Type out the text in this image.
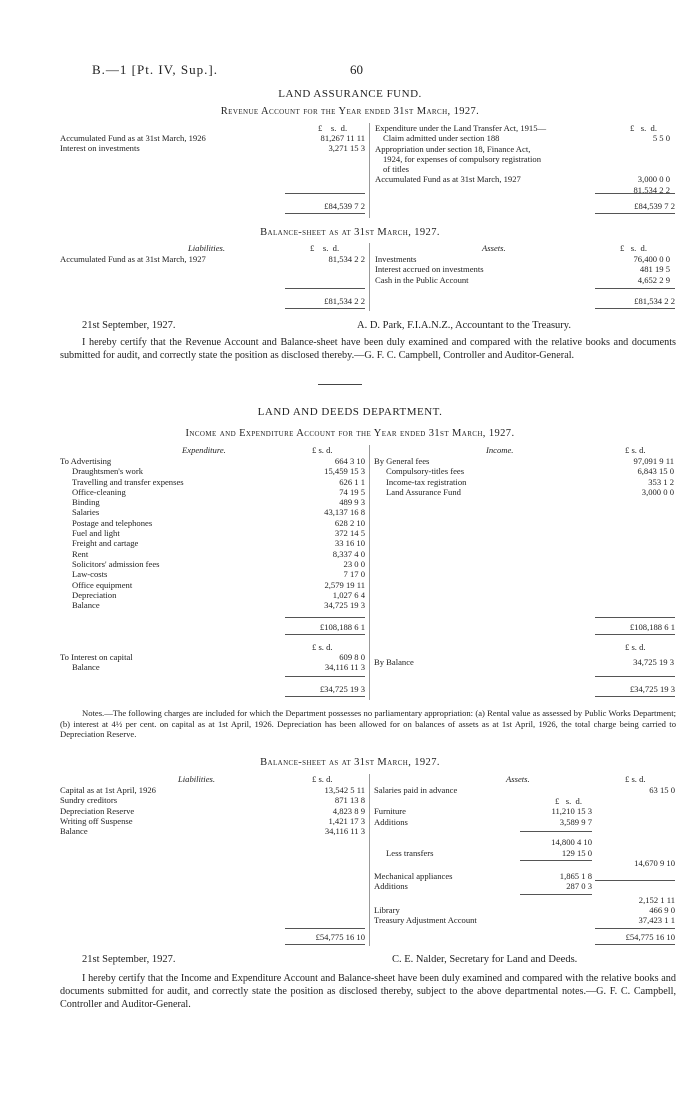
B.—1 [Pt. IV, Sup.].	60
LAND ASSURANCE FUND.
Revenue Account for the Year ended 31st March, 1927.
£    s.  d.	£   s.  d.
Accumulated Fund as at 31st March, 1926	81,267 11 11
Interest on investments	3,271 15 3
Expenditure under the Land Transfer Act, 1915—
Claim admitted under section 188	5 5 0
Appropriation under section 18, Finance Act,
1924, for expenses of compulsory registration
of titles
Accumulated Fund as at 31st March, 1927	3,000 0 0
81,534 2 2
£84,539 7 2	£84,539 7 2
Balance-sheet as at 31st March, 1927.
Liabilities.	Assets.
£    s.  d.	£   s.  d.
Accumulated Fund as at 31st March, 1927	81,534 2 2 Investments	76,400 0 0
Interest accrued on investments	481 19 5
Cash in the Public Account	4,652 2 9
£81,534 2 2	£81,534 2 2
21st September, 1927.	A. D. Park, F.I.A.N.Z., Accountant to the Treasury.
I hereby certify that the Revenue Account and Balance-sheet have been duly examined and compared with the relative books and documents submitted for audit, and correctly state the position as disclosed thereby.—G. F. C. Campbell, Controller and Auditor-General.
LAND AND DEEDS DEPARTMENT.
Income and Expenditure Account for the Year ended 31st March, 1927.
Expenditure.	Income.
£ s. d.	£ s. d.
To Advertising	664 3 10
Draughtsmen's work	15,459 15 3
Travelling and transfer expenses	626 1 1
Office-cleaning	74 19 5
Binding	489 9 3
Salaries	43,137 16 8
Postage and telephones	628 2 10
Fuel and light	372 14 5
Freight and cartage	33 16 10
Rent	8,337 4 0
Solicitors' admission fees	23 0 0
Law-costs	7 17 0
Office equipment	2,579 19 11
Depreciation	1,027 6 4
Balance	34,725 19 3
By General fees	97,091 9 11
Compulsory-titles fees	6,843 15 0
Income-tax registration	353 1 2
Land Assurance Fund	3,000 0 0
£108,188 6 1	£108,188 6 1
£ s. d.	£ s. d.
To Interest on capital	609 8 0
Balance	34,116 11 3
By Balance	34,725 19 3
£34,725 19 3	£34,725 19 3
Notes.—The following charges are included for which the Department possesses no parliamentary appropriation: (a) Rental value as assessed by Public Works Department; (b) interest at 4½ per cent. on capital as at 1st April, 1926. Depreciation has been allowed for on balances of assets as at 1st April, 1926, the total charge being carried to Depreciation Reserve.
Balance-sheet as at 31st March, 1927.
Liabilities.	Assets.
£ s. d.	£ s. d.
Capital as at 1st April, 1926	13,542 5 11
Sundry creditors	871 13 8
Depreciation Reserve	4,823 8 9
Writing off Suspense	1,421 17 3
Balance	34,116 11 3
Salaries paid in advance	63 15 0
£   s.  d.
Furniture	11,210 15 3
Additions	3,589 9 7
14,800 4 10
Less transfers	129 15 0
14,670 9 10
Mechanical appliances	1,865 1 8
Additions	287 0 3
2,152 1 11
Library	466 9 0
Treasury Adjustment Account	37,423 1 1
£54,775 16 10	£54,775 16 10
21st September, 1927.	C. E. Nalder, Secretary for Land and Deeds.
I hereby certify that the Income and Expenditure Account and Balance-sheet have been duly examined and compared with the relative books and documents submitted for audit, and correctly state the position as disclosed thereby, subject to the above departmental notes.—G. F. C. Campbell, Controller and Auditor-General.
